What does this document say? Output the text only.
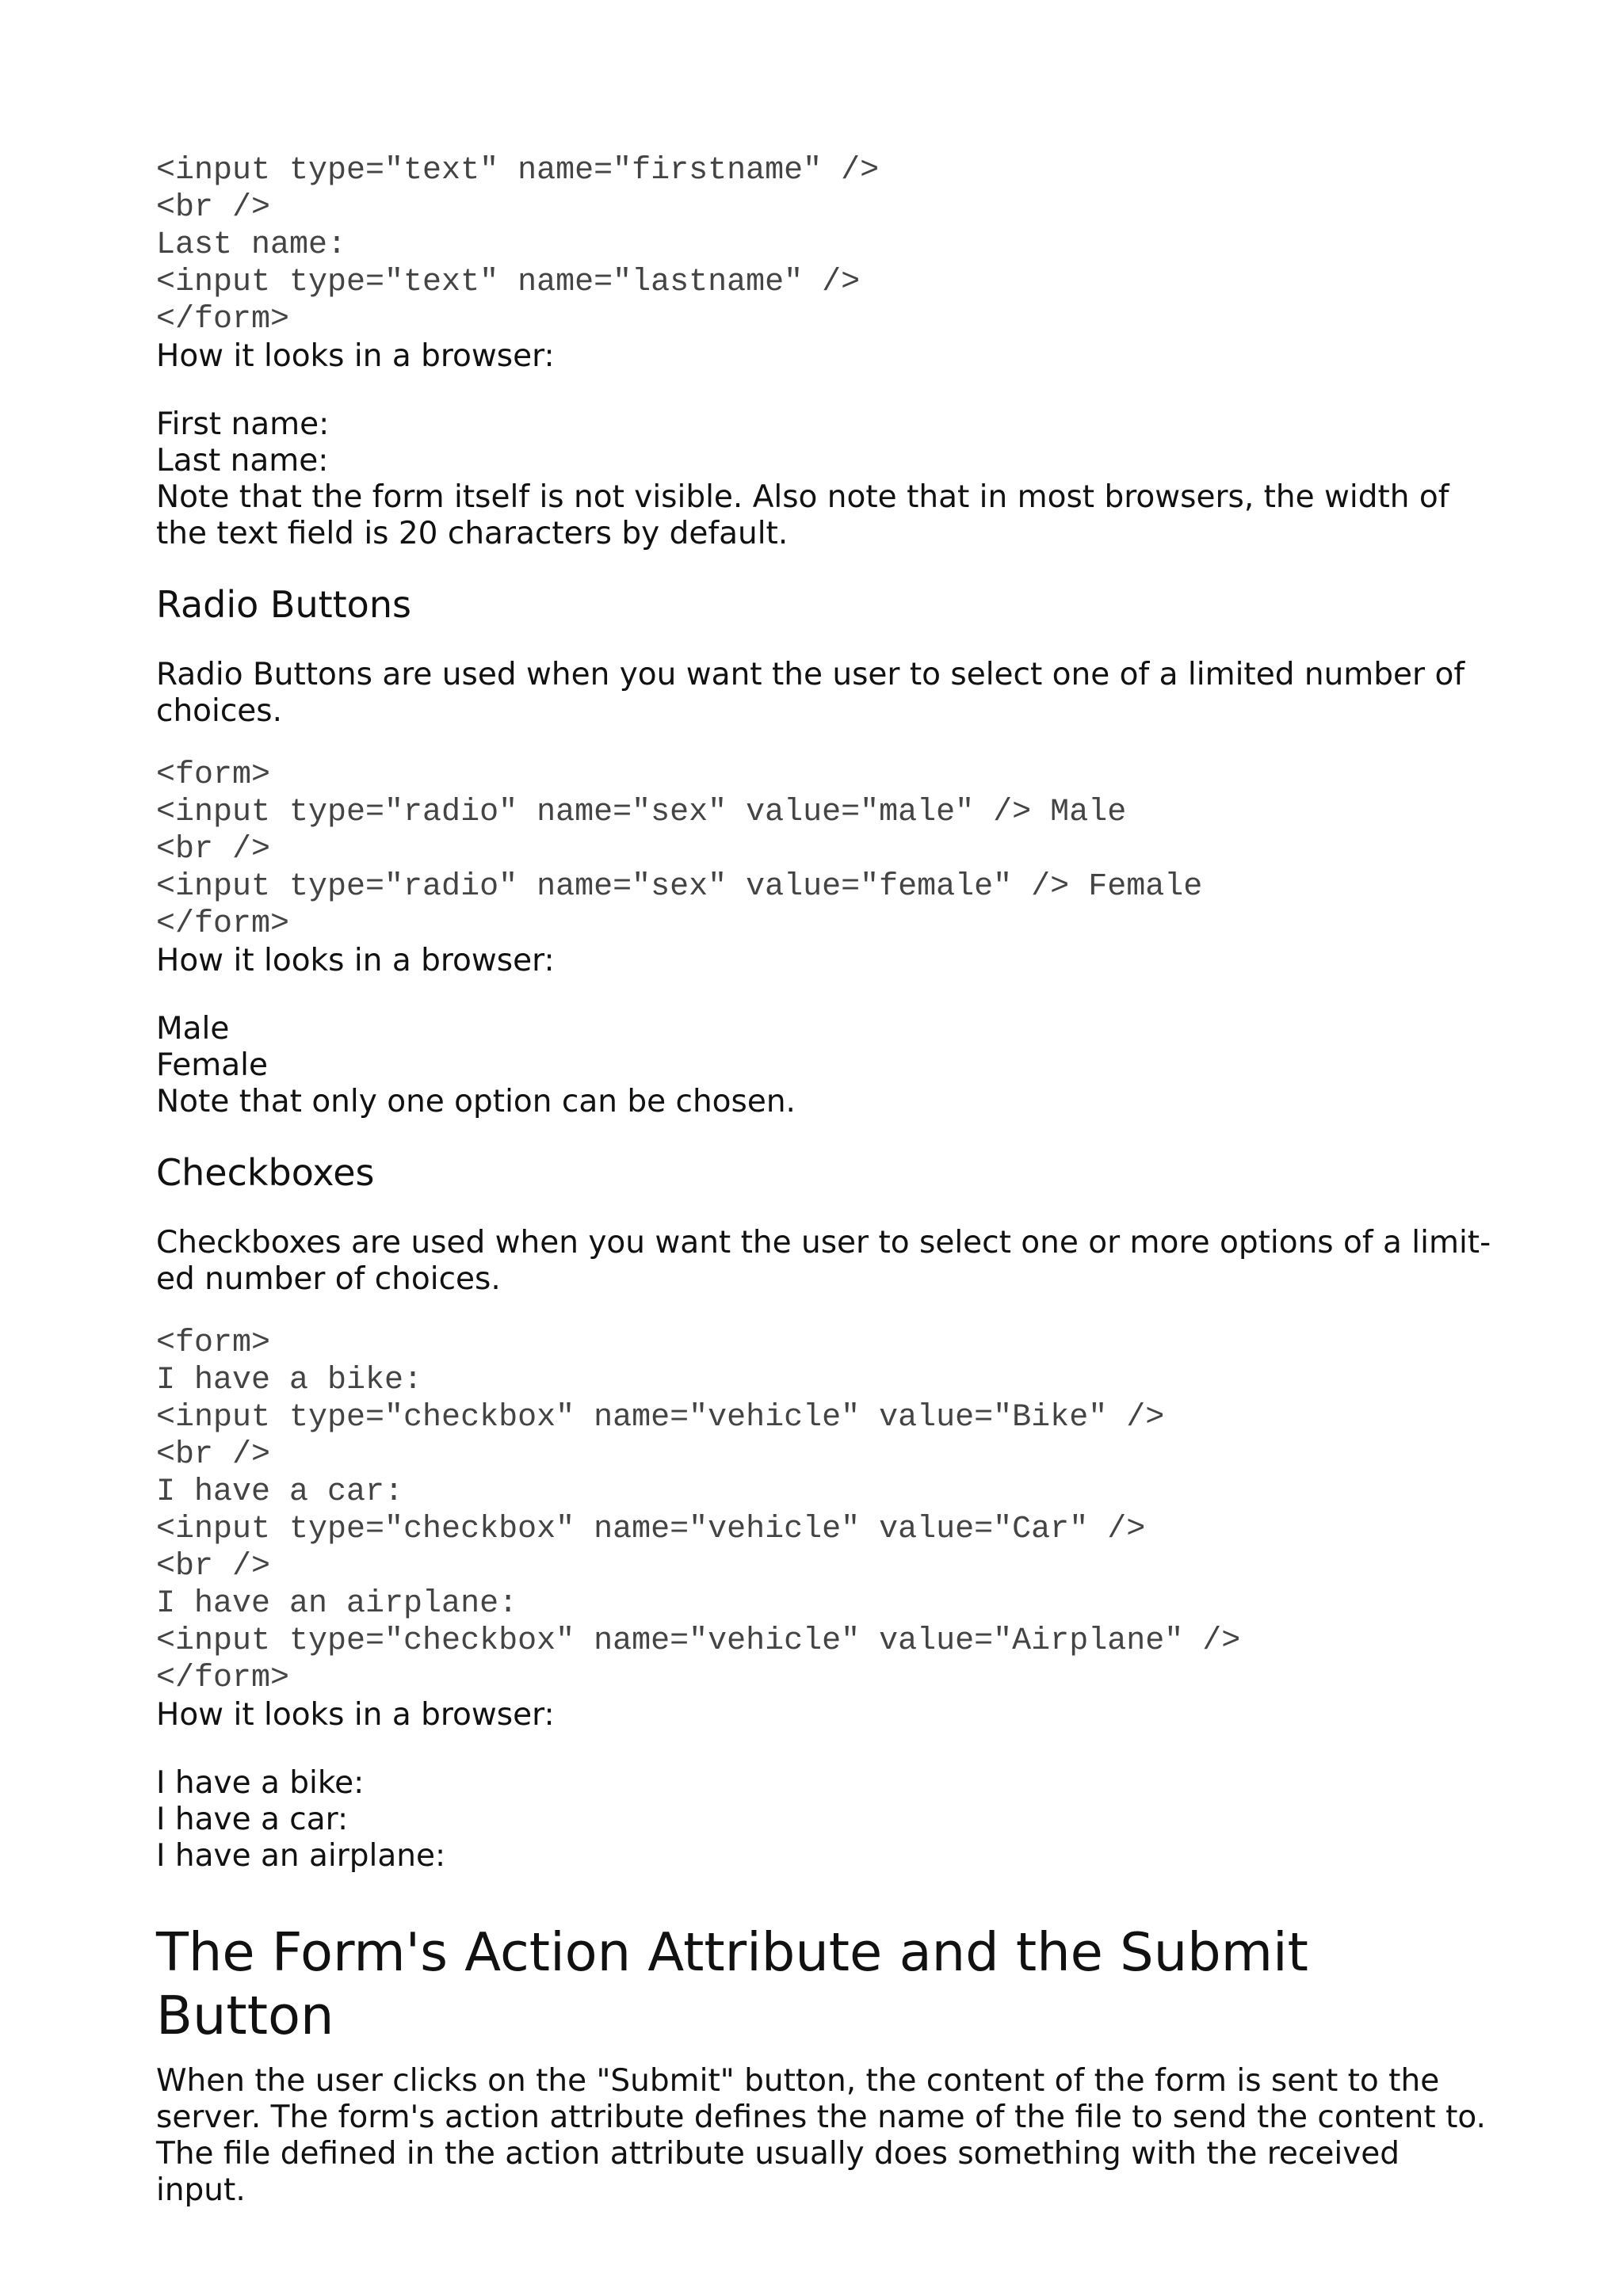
<input type="text" name="firstname" />
<br />
Last name:
<input type="text" name="lastname" />
</form>
How it looks in a browser:
First name:
Last name:
Note that the form itself is not visible. Also note that in most browsers, the width of the text field is 20 characters by default.
Radio Buttons
Radio Buttons are used when you want the user to select one of a limited number of choices.
<form>
<input type="radio" name="sex" value="male" /> Male
<br />
<input type="radio" name="sex" value="female" /> Female
</form>
How it looks in a browser:
Male
Female
Note that only one option can be chosen.
Checkboxes
Checkboxes are used when you want the user to select one or more options of a limit-
ed number of choices.
<form>
I have a bike:
<input type="checkbox" name="vehicle" value="Bike" />
<br />
I have a car:
<input type="checkbox" name="vehicle" value="Car" />
<br />
I have an airplane:
<input type="checkbox" name="vehicle" value="Airplane" />
</form>
How it looks in a browser:
I have a bike:
I have a car:
I have an airplane:
The Form's Action Attribute and the Submit Button
When the user clicks on the "Submit" button, the content of the form is sent to the
server. The form's action attribute defines the name of the file to send the content to.
The file defined in the action attribute usually does something with the received input.
